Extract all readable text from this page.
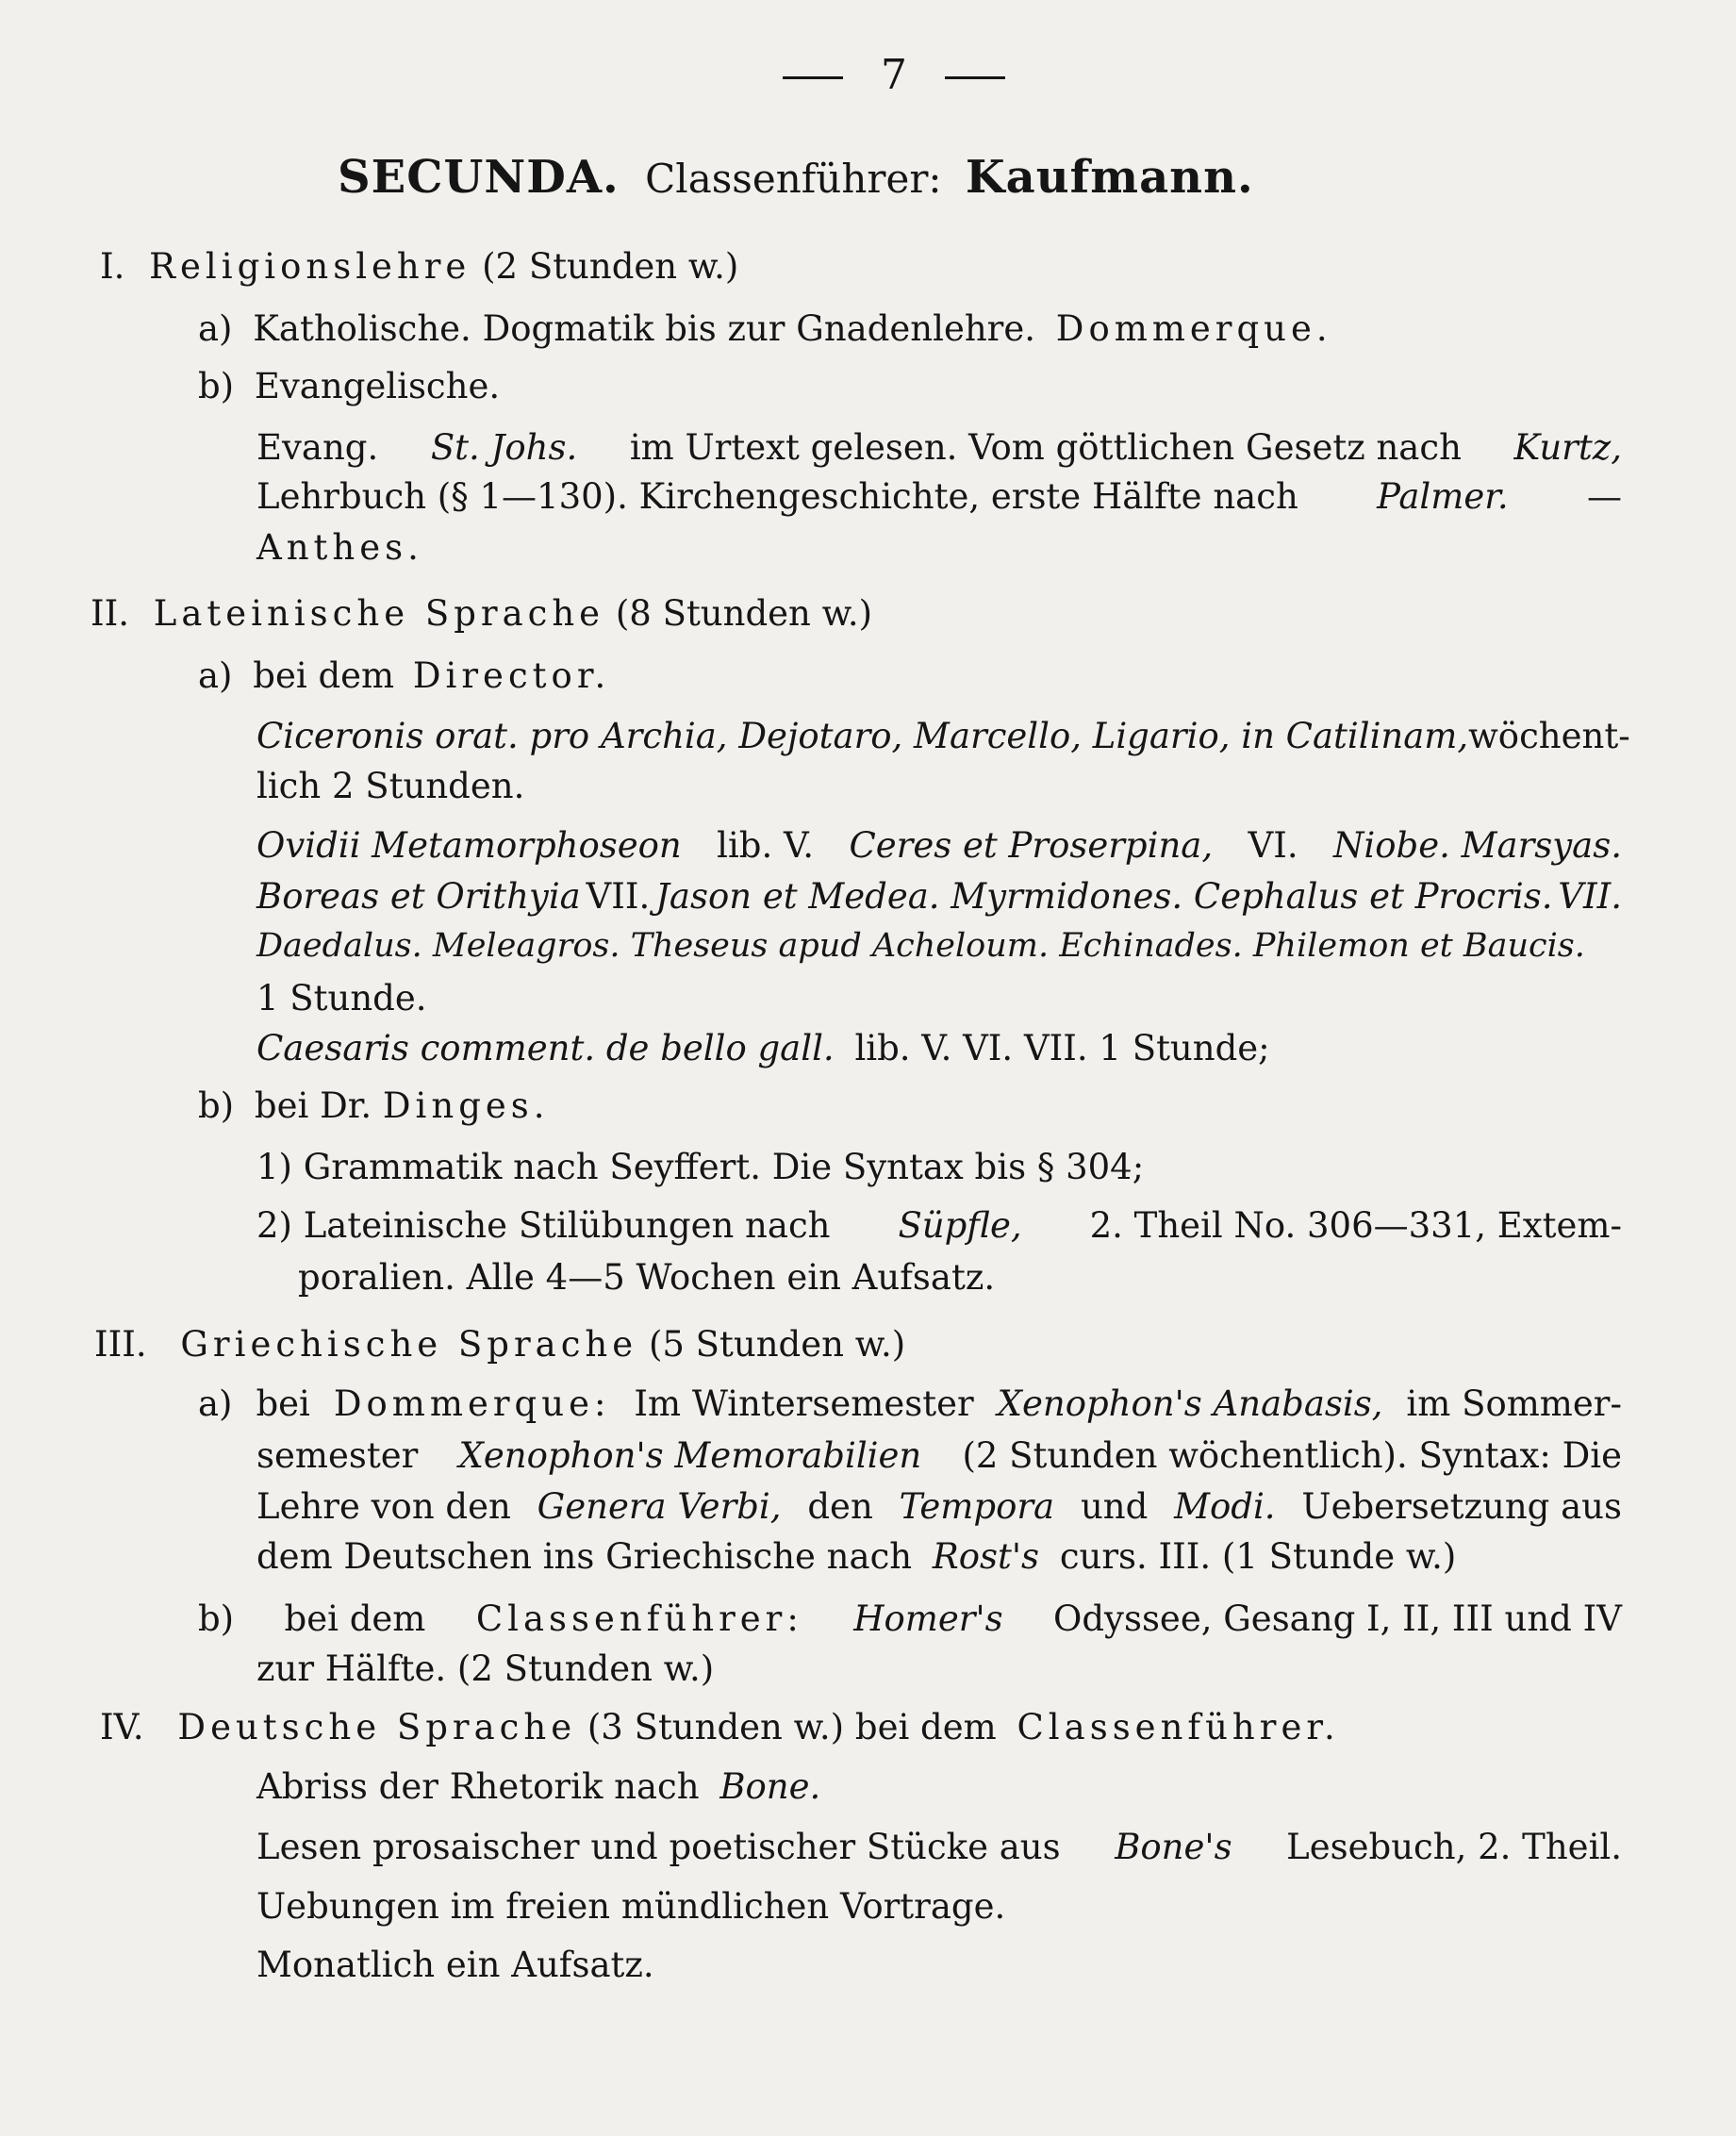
7
SECUNDA. Classenführer: Kaufmann.
I. Religionslehre (2 Stunden w.)
a) Katholische. Dogmatik bis zur Gnadenlehre. Dommerque.
b) Evangelische.
Evang. St. Johs. im Urtext gelesen. Vom göttlichen Gesetz nach Kurtz,
Lehrbuch (§ 1—130). Kirchengeschichte, erste Hälfte nach Palmer. —
Anthes.
II. Lateinische Sprache (8 Stunden w.)
a) bei dem Director.
Ciceronis orat. pro Archia, Dejotaro, Marcello, Ligario, in Catilinam, wöchent-
lich 2 Stunden.
Ovidii Metamorphoseon lib. V. Ceres et Proserpina, VI. Niobe. Marsyas.
Boreas et Orithyia VII. Jason et Medea. Myrmidones. Cephalus et Procris. VII.
Daedalus. Meleagros. Theseus apud Acheloum. Echinades. Philemon et Baucis.
1 Stunde.
Caesaris comment. de bello gall. lib. V. VI. VII. 1 Stunde;
b) bei Dr. Dinges.
1) Grammatik nach Seyffert. Die Syntax bis § 304;
2) Lateinische Stilübungen nach Süpfle, 2. Theil No. 306—331, Extem-
poralien. Alle 4—5 Wochen ein Aufsatz.
III. Griechische Sprache (5 Stunden w.)
a) bei Dommerque: Im Wintersemester Xenophon's Anabasis, im Sommer-
semester Xenophon's Memorabilien (2 Stunden wöchentlich). Syntax: Die
Lehre von den Genera Verbi, den Tempora und Modi. Uebersetzung aus
dem Deutschen ins Griechische nach Rost's curs. III. (1 Stunde w.)
b) bei dem Classenführer: Homer's Odyssee, Gesang I, II, III und IV
zur Hälfte. (2 Stunden w.)
IV. Deutsche Sprache (3 Stunden w.) bei dem Classenführer.
Abriss der Rhetorik nach Bone.
Lesen prosaischer und poetischer Stücke aus Bone's Lesebuch, 2. Theil.
Uebungen im freien mündlichen Vortrage.
Monatlich ein Aufsatz.
